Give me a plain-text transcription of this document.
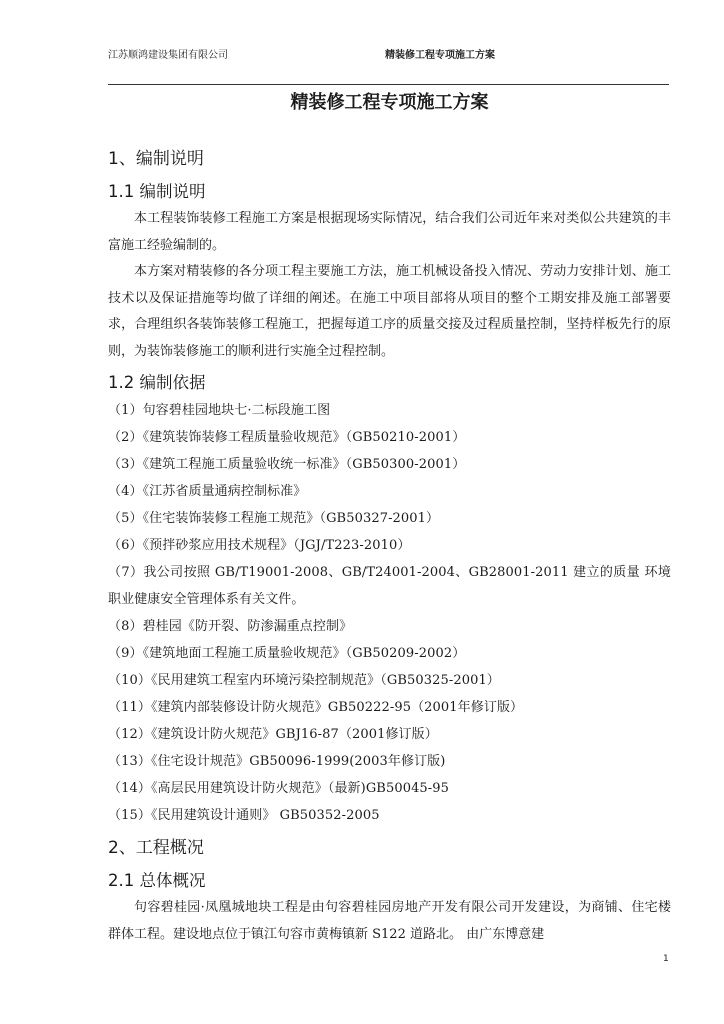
江苏顺鸿建设集团有限公司	精装修工程专项施工方案
精装修工程专项施工方案
1、编制说明
1.1 编制说明

本工程装饰装修工程施工方案是根据现场实际情况，结合我们公司近年来对类似公共建筑的丰富施工经验编制的。

本方案对精装修的各分项工程主要施工方法，施工机械设备投入情况、劳动力安排计划、施工技术以及保证措施等均做了详细的阐述。在施工中项目部将从项目的整个工期安排及施工部署要求，合理组织各装饰装修工程施工，把握每道工序的质量交接及过程质量控制，坚持样板先行的原则，为装饰装修施工的顺利进行实施全过程控制。

1.2 编制依据
（1）句容碧桂园地块七·二标段施工图
（2）《建筑装饰装修工程质量验收规范》（GB50210-2001）
（3）《建筑工程施工质量验收统一标准》（GB50300-2001）
（4）《江苏省质量通病控制标准》
（5）《住宅装饰装修工程施工规范》（GB50327-2001）
（6）《预拌砂浆应用技术规程》（JGJ/T223-2010）
（7）我公司按照 GB/T19001-2008、GB/T24001-2004、GB28001-2011 建立的质量 环境职业健康安全管理体系有关文件。
（8）碧桂园《防开裂、防渗漏重点控制》
（9）《建筑地面工程施工质量验收规范》（GB50209-2002）
（10）《民用建筑工程室内环境污染控制规范》（GB50325-2001）
（11）《建筑内部装修设计防火规范》GB50222-95（2001年修订版）
（12）《建筑设计防火规范》GBJ16-87（2001修订版）
（13）《住宅设计规范》GB50096-1999(2003年修订版)
（14）《高层民用建筑设计防火规范》（最新)GB50045-95
（15）《民用建筑设计通则》 GB50352-2005
2、工程概况
2.1 总体概况

句容碧桂园·凤凰城地块工程是由句容碧桂园房地产开发有限公司开发建设，为商铺、住宅楼群体工程。建设地点位于镇江句容市黄梅镇新 S122 道路北。 由广东博意建

1
